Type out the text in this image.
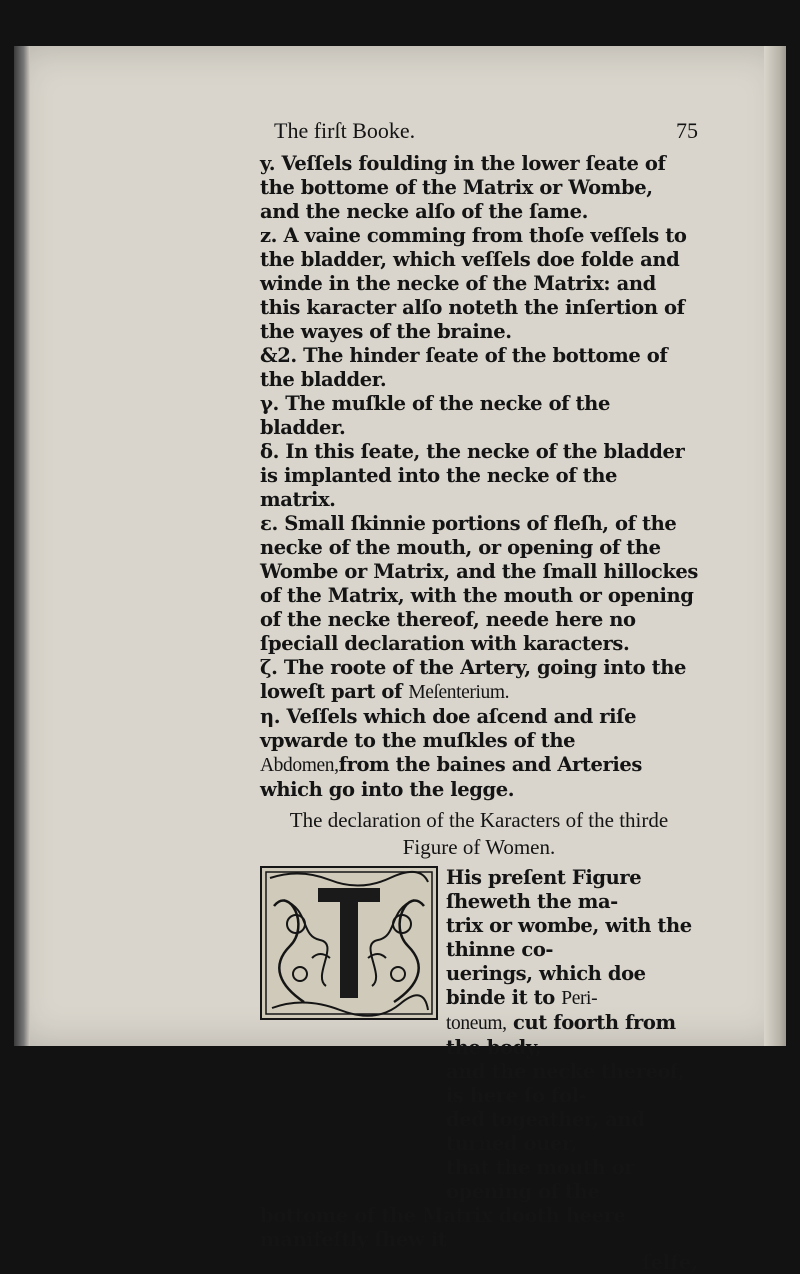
The firſt Booke.	75

y. Veſſels foulding in the lower ſeate of the bottome of the Matrix or Wombe, and the necke alſo of the ſame.

z. A vaine comming from thoſe veſſels to the bladder, which veſſels doe folde and winde in the necke of the Matrix: and this karacter alſo noteth the inſertion of the wayes of the braine.

&2. The hinder ſeate of the bottome of the bladder.

γ. The muſkle of the necke of the bladder.

δ. In this ſeate, the necke of the bladder is implanted into the necke of the matrix.

ε. Small ſkinnie portions of fleſh, of the necke of the mouth, or opening of the Wombe or Matrix, and the ſmall hillockes of the Matrix, with the mouth or opening of the necke thereof, neede here no ſpeciall declaration with karacters.

ζ. The roote of the Artery, going into the loweſt part of Meſenterium.

η. Veſſels which doe aſcend and riſe vpwarde to the muſkles of the Abdomen,from the baines and Arteries which go into the legge.

The declaration of the Karacters of the thirde
Figure of Women.

His preſent Figure ſheweth the ma-

trix or wombe, with the thinne co-

uerings, which doe binde it to Peri-

toneum, cut foorth from the body,

and the necke thereof, is here ſo fol-

ded togeather, and turned ouer,

that the mouth or opening of the

bottome of the Matrix dooth heere manifeſtly ſhew it

ſelfe,
